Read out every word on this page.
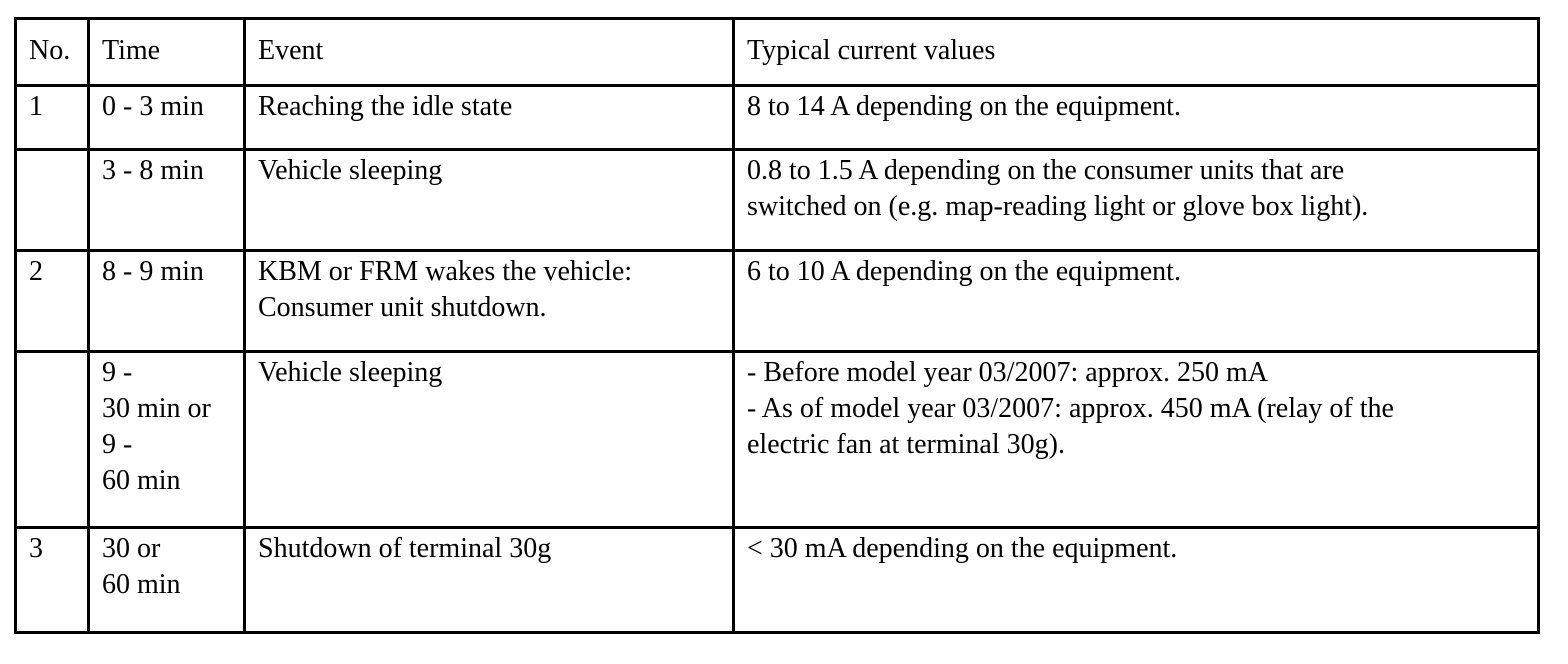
No.	Time	Event	Typical current values
1	0 - 3 min	Reaching the idle state	8 to 14 A depending on the equipment.

	3 - 8 min	Vehicle sleeping	0.8 to 1.5 A depending on the consumer units that are
switched on (e.g. map-reading light or glove box light).

2	8 - 9 min	KBM or FRM wakes the vehicle:
Consumer unit shutdown.	6 to 10 A depending on the equipment.

	9 -
30 min or
9 -
60 min	Vehicle sleeping	- Before model year 03/2007: approx. 250 mA
- As of model year 03/2007: approx. 450 mA (relay of the
electric fan at terminal 30g).

3	30 or
60 min	Shutdown of terminal 30g	< 30 mA depending on the equipment.
